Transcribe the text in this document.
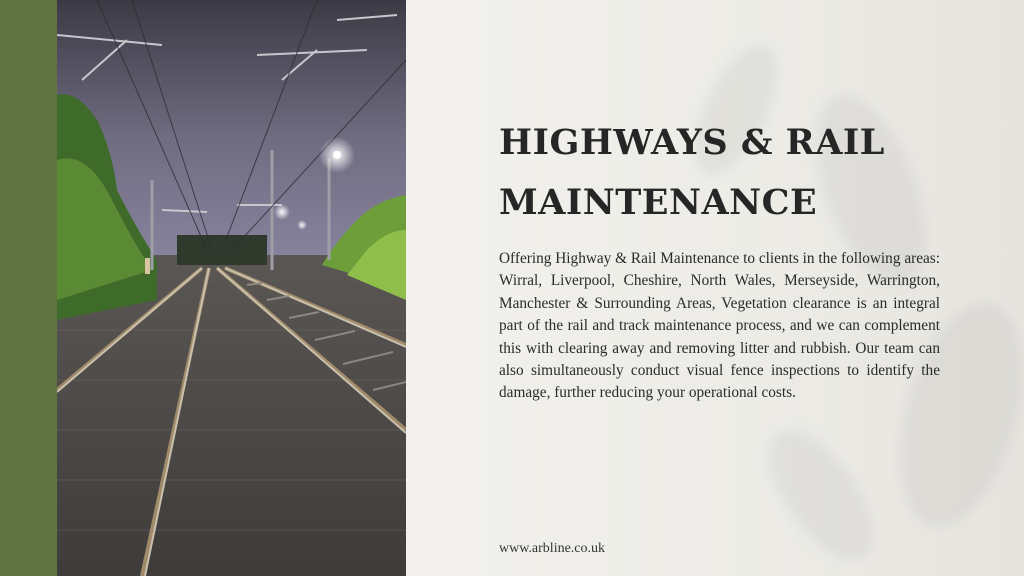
HIGHWAYS & RAIL
MAINTENANCE

Offering Highway & Rail Maintenance to clients in the following areas: Wirral, Liverpool, Cheshire, North Wales, Merseyside, Warrington, Manchester & Surrounding Areas, Vegetation clearance is an integral part of the rail and track maintenance process, and we can complement this with clearing away and removing litter and rubbish. Our team can also simultaneously conduct visual fence inspections to identify the damage, further reducing your operational costs.

www.arbline.co.uk
